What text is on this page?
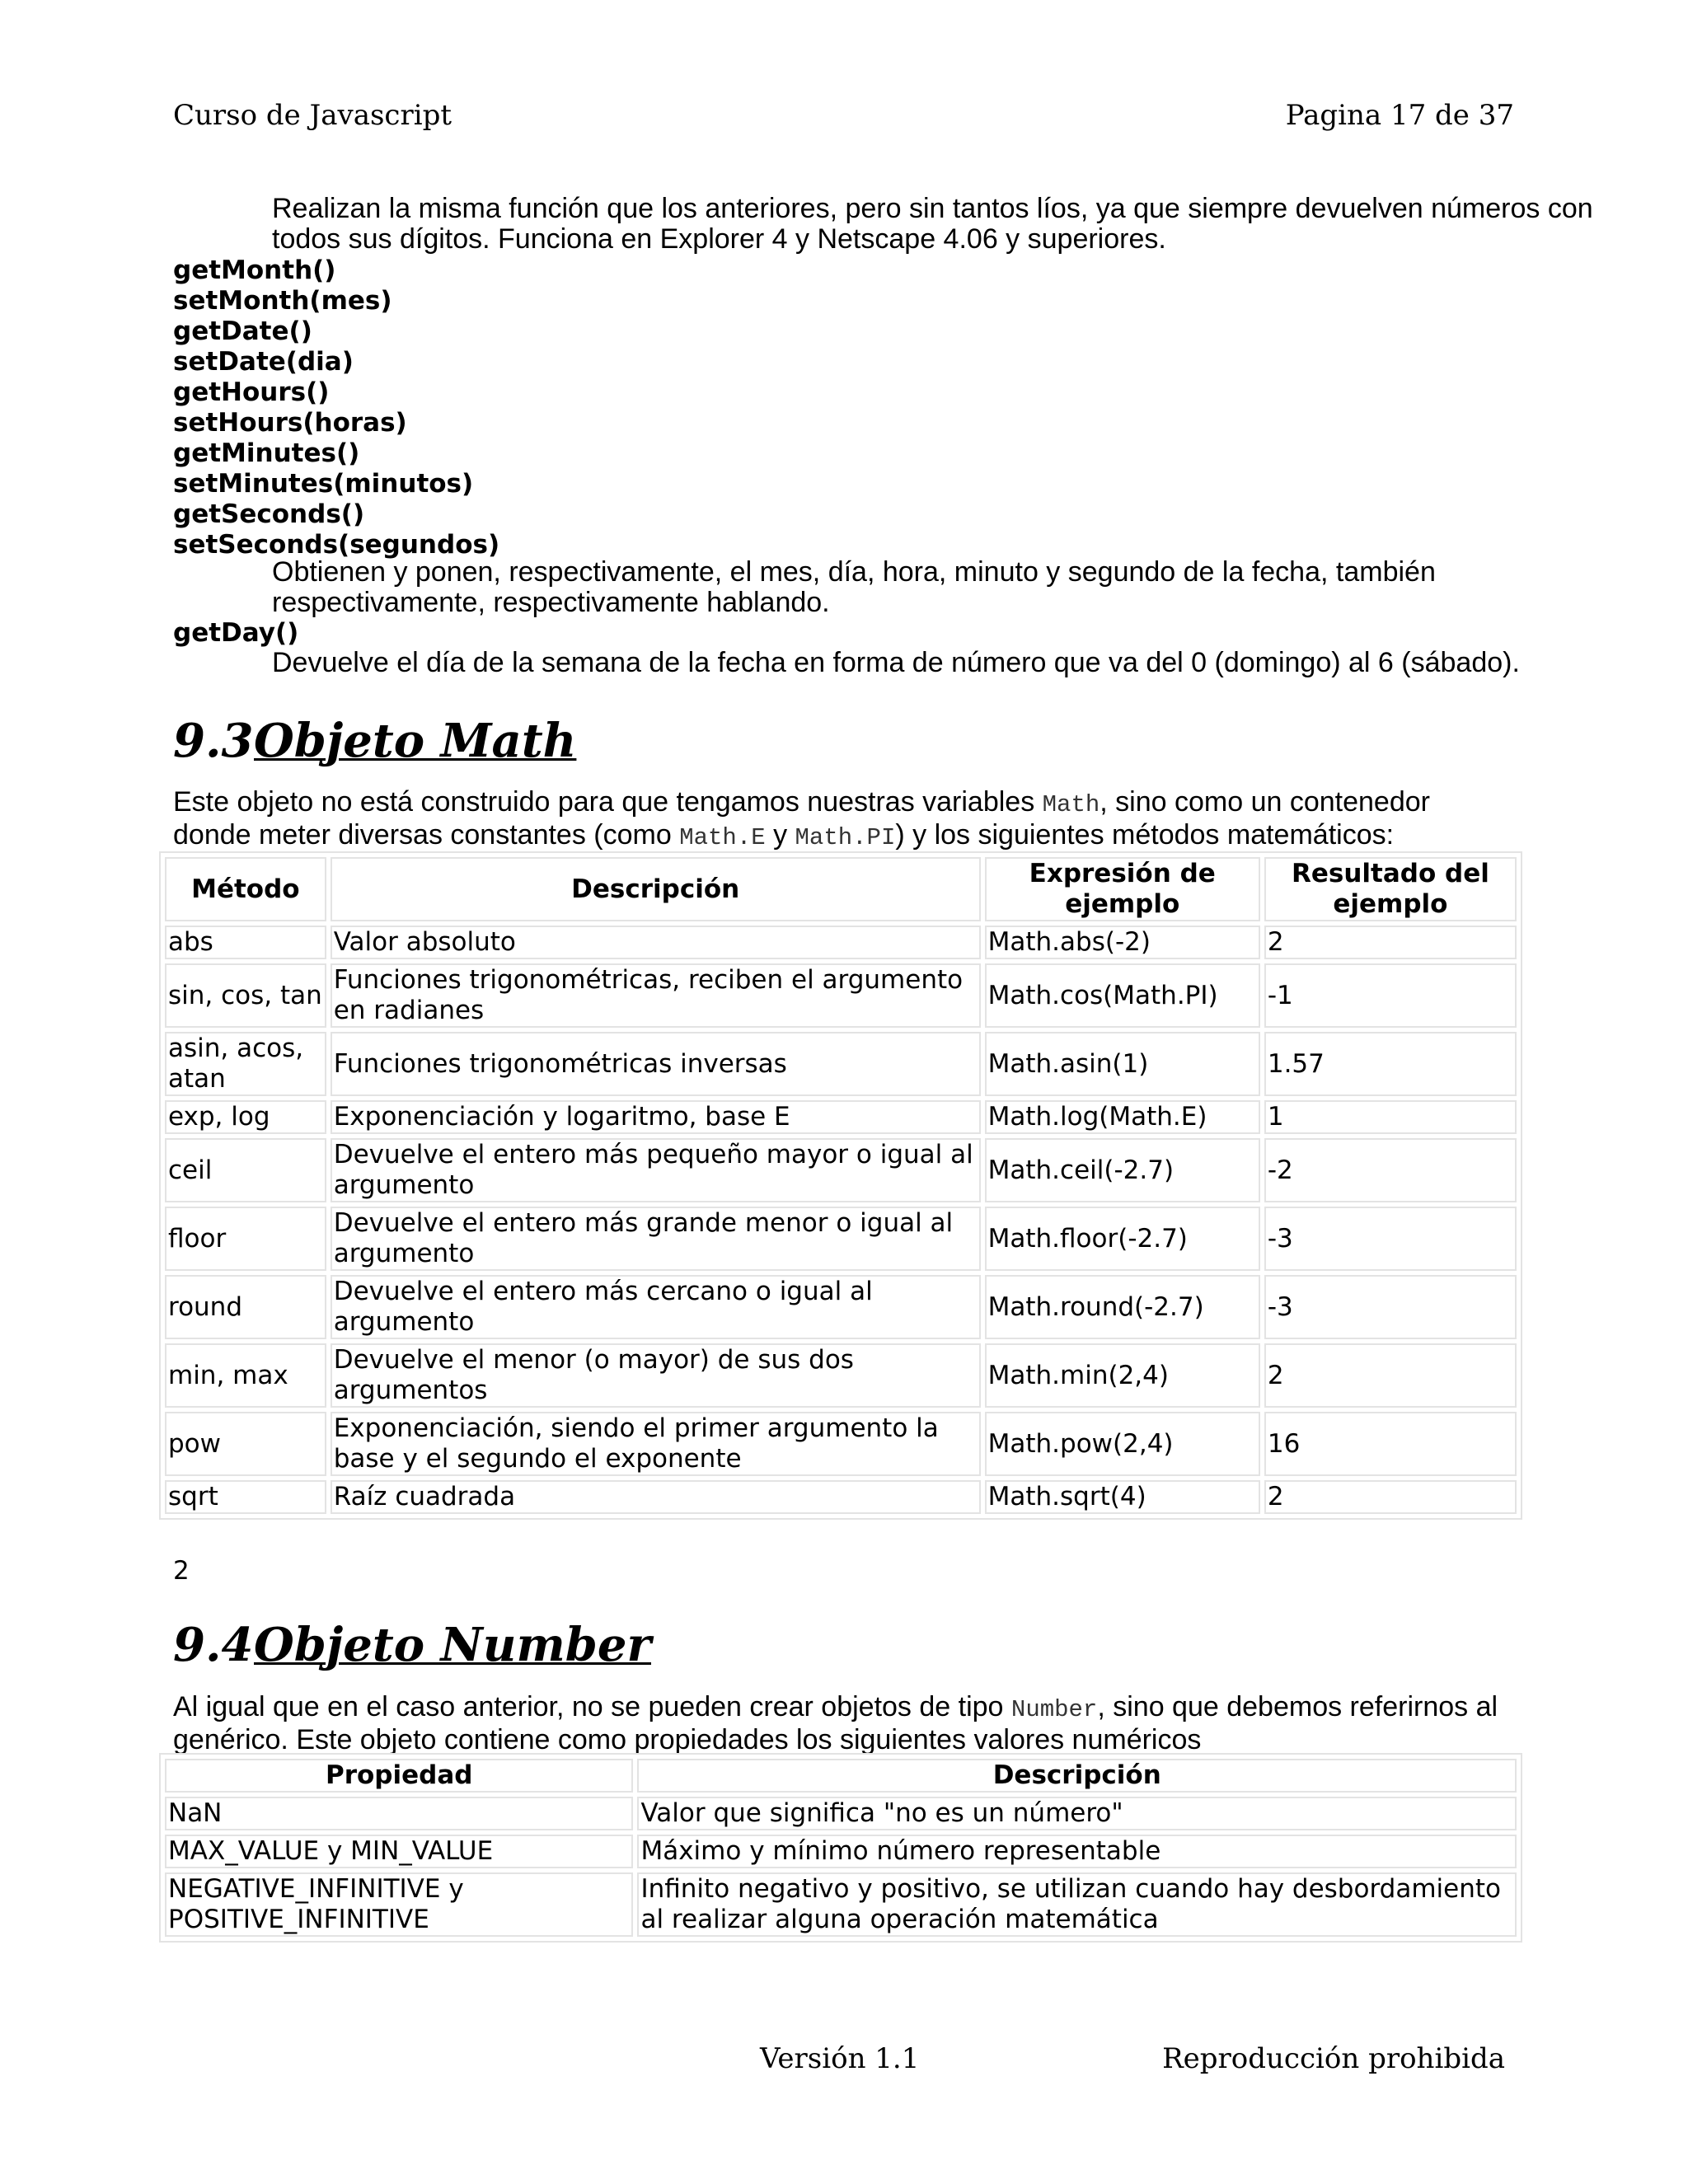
Curso de Javascript	Pagina 17 de 37
Realizan la misma función que los anteriores, pero sin tantos líos, ya que siempre devuelven números con todos sus dígitos. Funciona en Explorer 4 y Netscape 4.06 y superiores.
getMonth()
setMonth(mes)
getDate()
setDate(dia)
getHours()
setHours(horas)
getMinutes()
setMinutes(minutos)
getSeconds()
setSeconds(segundos)
Obtienen y ponen, respectivamente, el mes, día, hora, minuto y segundo de la fecha, también respectivamente, respectivamente hablando.
getDay()
Devuelve el día de la semana de la fecha en forma de número que va del 0 (domingo) al 6 (sábado).
9.3Objeto Math
Este objeto no está construido para que tengamos nuestras variables Math, sino como un contenedor donde meter diversas constantes (como Math.E y Math.PI) y los siguientes métodos matemáticos:
Método	Descripción	Expresión de ejemplo	Resultado del ejemplo
abs	Valor absoluto	Math.abs(-2)	2
sin, cos, tan	Funciones trigonométricas, reciben el argumento en radianes	Math.cos(Math.PI)	-1
asin, acos, atan	Funciones trigonométricas inversas	Math.asin(1)	1.57
exp, log	Exponenciación y logaritmo, base E	Math.log(Math.E)	1
ceil	Devuelve el entero más pequeño mayor o igual al argumento	Math.ceil(-2.7)	-2
floor	Devuelve el entero más grande menor o igual al argumento	Math.floor(-2.7)	-3
round	Devuelve el entero más cercano o igual al argumento	Math.round(-2.7)	-3
min, max	Devuelve el menor (o mayor) de sus dos argumentos	Math.min(2,4)	2
pow	Exponenciación, siendo el primer argumento la base y el segundo el exponente	Math.pow(2,4)	16
sqrt	Raíz cuadrada	Math.sqrt(4)	2
2
9.4Objeto Number
Al igual que en el caso anterior, no se pueden crear objetos de tipo Number, sino que debemos referirnos al genérico. Este objeto contiene como propiedades los siguientes valores numéricos
Propiedad	Descripción
NaN	Valor que significa "no es un número"
MAX_VALUE y MIN_VALUE	Máximo y mínimo número representable
NEGATIVE_INFINITIVE y POSITIVE_INFINITIVE	Infinito negativo y positivo, se utilizan cuando hay desbordamiento al realizar alguna operación matemática
Versión 1.1	Reproducción prohibida
